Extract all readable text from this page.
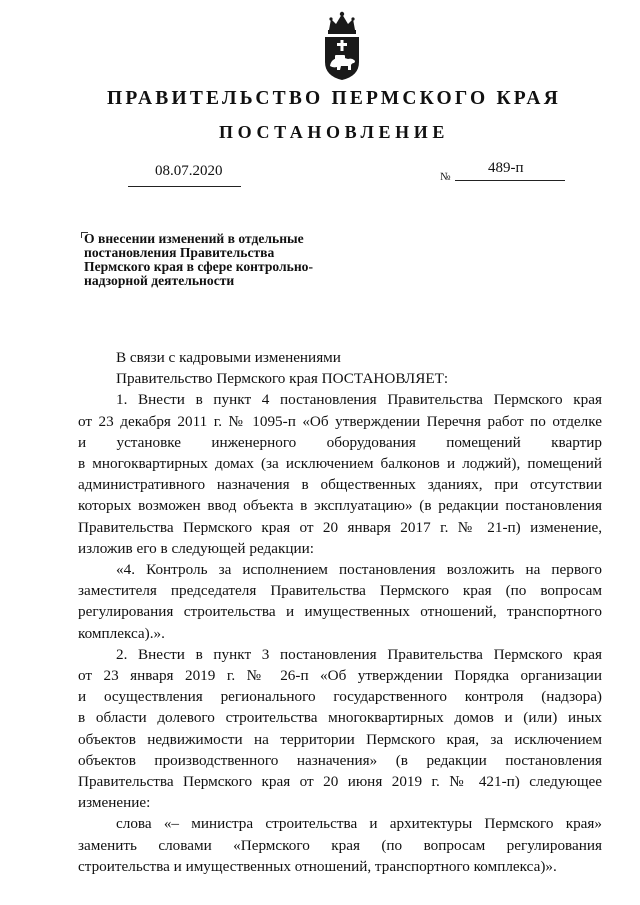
ПРАВИТЕЛЬСТВО ПЕРМСКОГО КРАЯ
ПОСТАНОВЛЕНИЕ
08.07.2020	№
489-п
О внесении изменений в отдельные
постановления Правительства
Пермского края в сфере контрольно-
надзорной деятельности

В связи с кадровыми изменениями

Правительство Пермского края ПОСТАНОВЛЯЕТ:

1. Внести в пункт 4 постановления Правительства Пермского края
от 23 декабря 2011 г. № 1095-п «Об утверждении Перечня работ по отделке
и установке инженерного оборудования помещений квартир
в многоквартирных домах (за исключением балконов и лоджий), помещений
административного назначения в общественных зданиях, при отсутствии
которых возможен ввод объекта в эксплуатацию» (в редакции постановления
Правительства Пермского края от 20 января 2017 г. № 21-п) изменение,
изложив его в следующей редакции:

«4. Контроль за исполнением постановления возложить на первого
заместителя председателя Правительства Пермского края (по вопросам
регулирования строительства и имущественных отношений, транспортного
комплекса).».

2. Внести в пункт 3 постановления Правительства Пермского края
от 23 января 2019 г. № 26-п «Об утверждении Порядка организации
и осуществления регионального государственного контроля (надзора)
в области долевого строительства многоквартирных домов и (или) иных
объектов недвижимости на территории Пермского края, за исключением
объектов производственного назначения» (в редакции постановления
Правительства Пермского края от 20 июня 2019 г. № 421-п) следующее
изменение:

слова «– министра строительства и архитектуры Пермского края»
заменить словами «Пермского края (по вопросам регулирования
строительства и имущественных отношений, транспортного комплекса)».
